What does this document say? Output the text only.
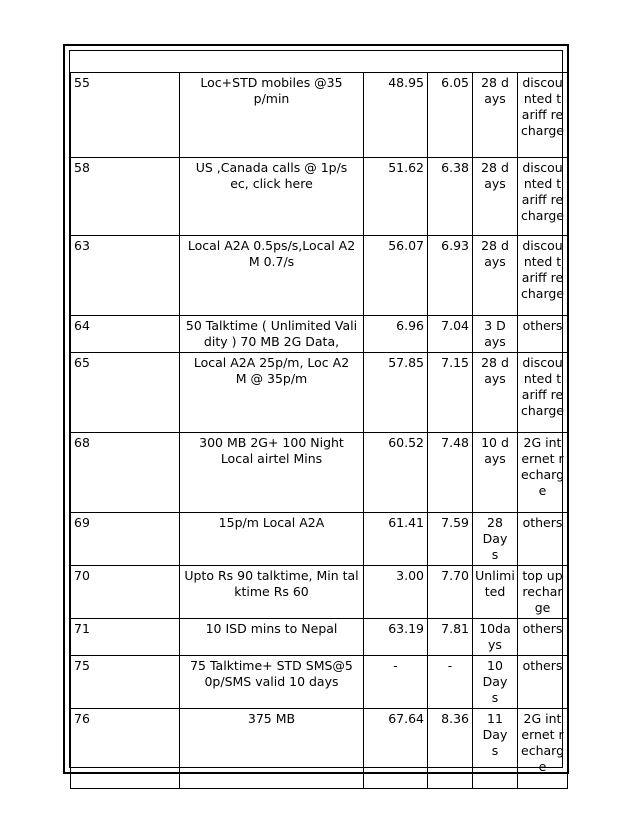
55	Loc+STD mobiles @35p/min	48.95	6.05	28 days	discounted tariff recharge
58	US ,Canada calls @ 1p/sec, click here	51.62	6.38	28 days	discounted tariff recharge
63	Local A2A 0.5ps/s,Local A2M 0.7/s	56.07	6.93	28 days	discounted tariff recharge
64	50 Talktime ( Unlimited Validity ) 70 MB 2G Data,	6.96	7.04	3 Days	others
65	Local A2A 25p/m, Loc A2M @ 35p/m	57.85	7.15	28 days	discounted tariff recharge
68	300 MB 2G+ 100 Night Local airtel Mins	60.52	7.48	10 days	2G internet recharge
69	15p/m Local A2A	61.41	7.59	28 Days	others
70	Upto Rs 90 talktime, Min talktime Rs 60	3.00	7.70	Unlimited	top up recharge
71	10 ISD mins to Nepal	63.19	7.81	10days	others
75	75 Talktime+ STD SMS@50p/SMS valid 10 days	-	-	10 Days	others
76	375 MB	67.64	8.36	11 Days	2G internet recharge
